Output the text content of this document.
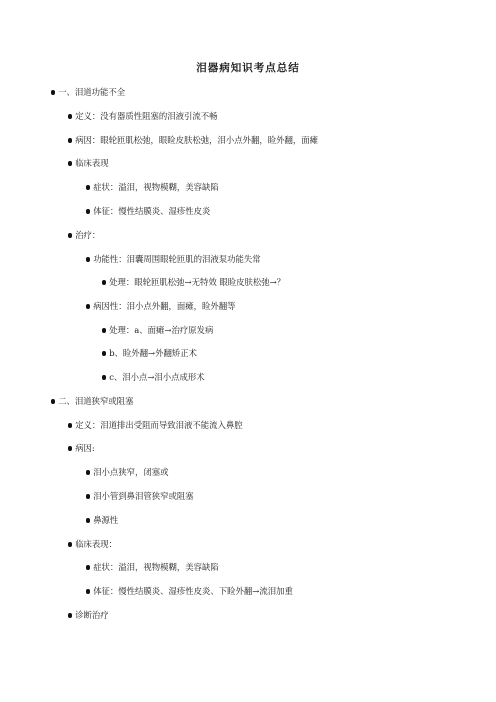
泪器病知识考点总结
一、泪道功能不全
定义：没有器质性阻塞的泪液引流不畅
病因：眼轮匝肌松弛，眼睑皮肤松弛，泪小点外翻，睑外翻，面瘫
临床表现
症状：溢泪，视物模糊，美容缺陷
体征：慢性结膜炎、湿疹性皮炎
治疗：
功能性：泪囊周围眼轮匝肌的泪液泵功能失常
处理：眼轮匝肌松弛→无特效 眼睑皮肤松弛→？
病因性：泪小点外翻，面瘫，睑外翻等
处理：a、面瘫→治疗原发病
b、睑外翻→外翻矫正术
c、泪小点→泪小点成形术
二、泪道狭窄或阻塞
定义：泪道排出受阻而导致泪液不能流入鼻腔
病因:
泪小点狭窄，闭塞或
泪小管到鼻泪管狭窄或阻塞
鼻源性
临床表现：
症状：溢泪，视物模糊，美容缺陷
体征：慢性结膜炎、湿疹性皮炎、下睑外翻→流泪加重
诊断治疗
